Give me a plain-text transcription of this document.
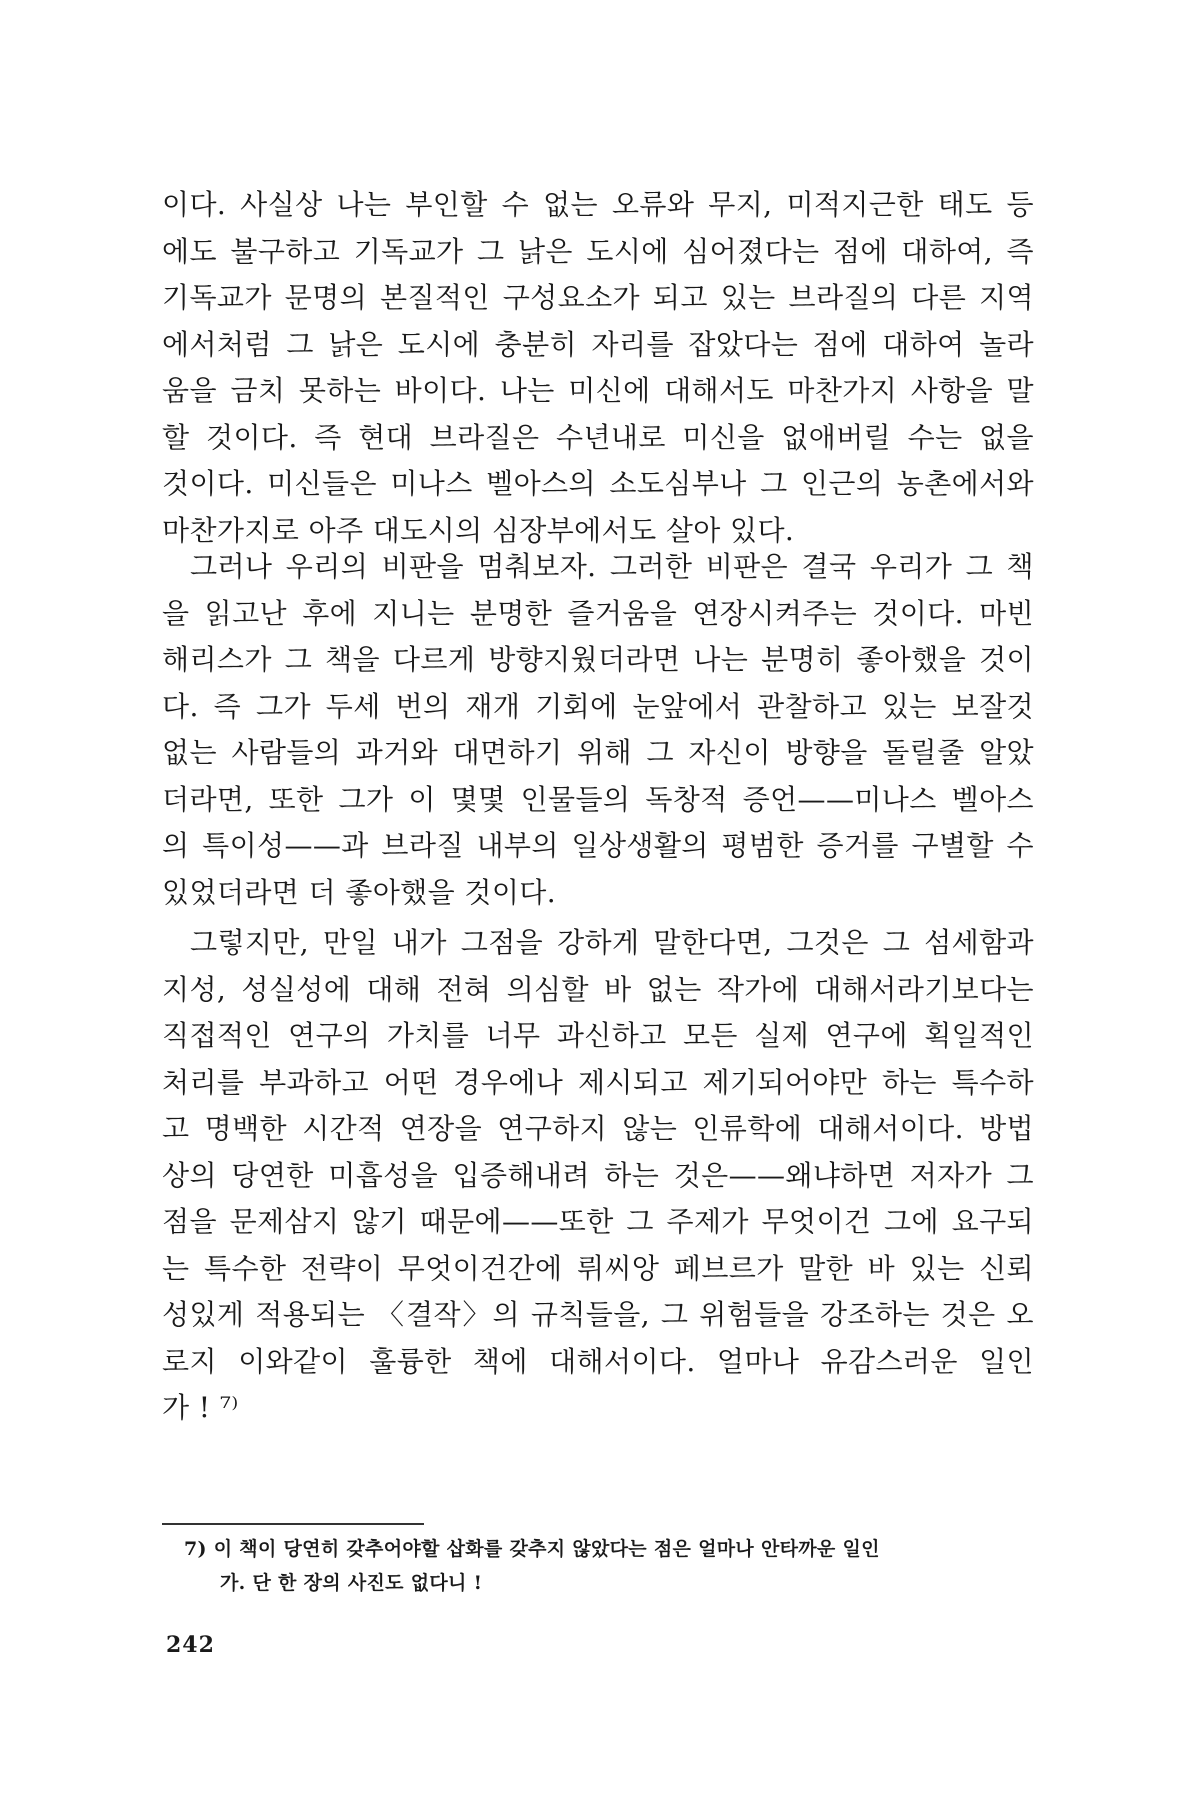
이다. 사실상 나는 부인할 수 없는 오류와 무지, 미적지근한 태도 등
에도 불구하고 기독교가 그 낡은 도시에 심어졌다는 점에 대하여, 즉
기독교가 문명의 본질적인 구성요소가 되고 있는 브라질의 다른 지역
에서처럼 그 낡은 도시에 충분히 자리를 잡았다는 점에 대하여 놀라
움을 금치 못하는 바이다. 나는 미신에 대해서도 마찬가지 사항을 말
할 것이다. 즉 현대 브라질은 수년내로 미신을 없애버릴 수는 없을
것이다. 미신들은 미나스 벨아스의 소도심부나 그 인근의 농촌에서와
마찬가지로 아주 대도시의 심장부에서도 살아 있다.
그러나 우리의 비판을 멈춰보자. 그러한 비판은 결국 우리가 그 책
을 읽고난 후에 지니는 분명한 즐거움을 연장시켜주는 것이다. 마빈
해리스가 그 책을 다르게 방향지웠더라면 나는 분명히 좋아했을 것이
다. 즉 그가 두세 번의 재개 기회에 눈앞에서 관찰하고 있는 보잘것
없는 사람들의 과거와 대면하기 위해 그 자신이 방향을 돌릴줄 알았
더라면, 또한 그가 이 몇몇 인물들의 독창적 증언——미나스 벨아스
의 특이성——과 브라질 내부의 일상생활의 평범한 증거를 구별할 수
있었더라면 더 좋아했을 것이다.
그렇지만, 만일 내가 그점을 강하게 말한다면, 그것은 그 섬세함과
지성, 성실성에 대해 전혀 의심할 바 없는 작가에 대해서라기보다는
직접적인 연구의 가치를 너무 과신하고 모든 실제 연구에 획일적인
처리를 부과하고 어떤 경우에나 제시되고 제기되어야만 하는 특수하
고 명백한 시간적 연장을 연구하지 않는 인류학에 대해서이다. 방법
상의 당연한 미흡성을 입증해내려 하는 것은——왜냐하면 저자가 그
점을 문제삼지 않기 때문에——또한 그 주제가 무엇이건 그에 요구되
는 특수한 전략이 무엇이건간에 뤼씨앙 페브르가 말한 바 있는 신뢰
성있게 적용되는 〈결작〉의 규칙들을, 그 위험들을 강조하는 것은 오
로지 이와같이 훌륭한 책에 대해서이다. 얼마나 유감스러운 일인
가 ! ⁷⁾
7) 이 책이 당연히 갖추어야할 삽화를 갖추지 않았다는 점은 얼마나 안타까운 일인
가. 단 한 장의 사진도 없다니 !
242
